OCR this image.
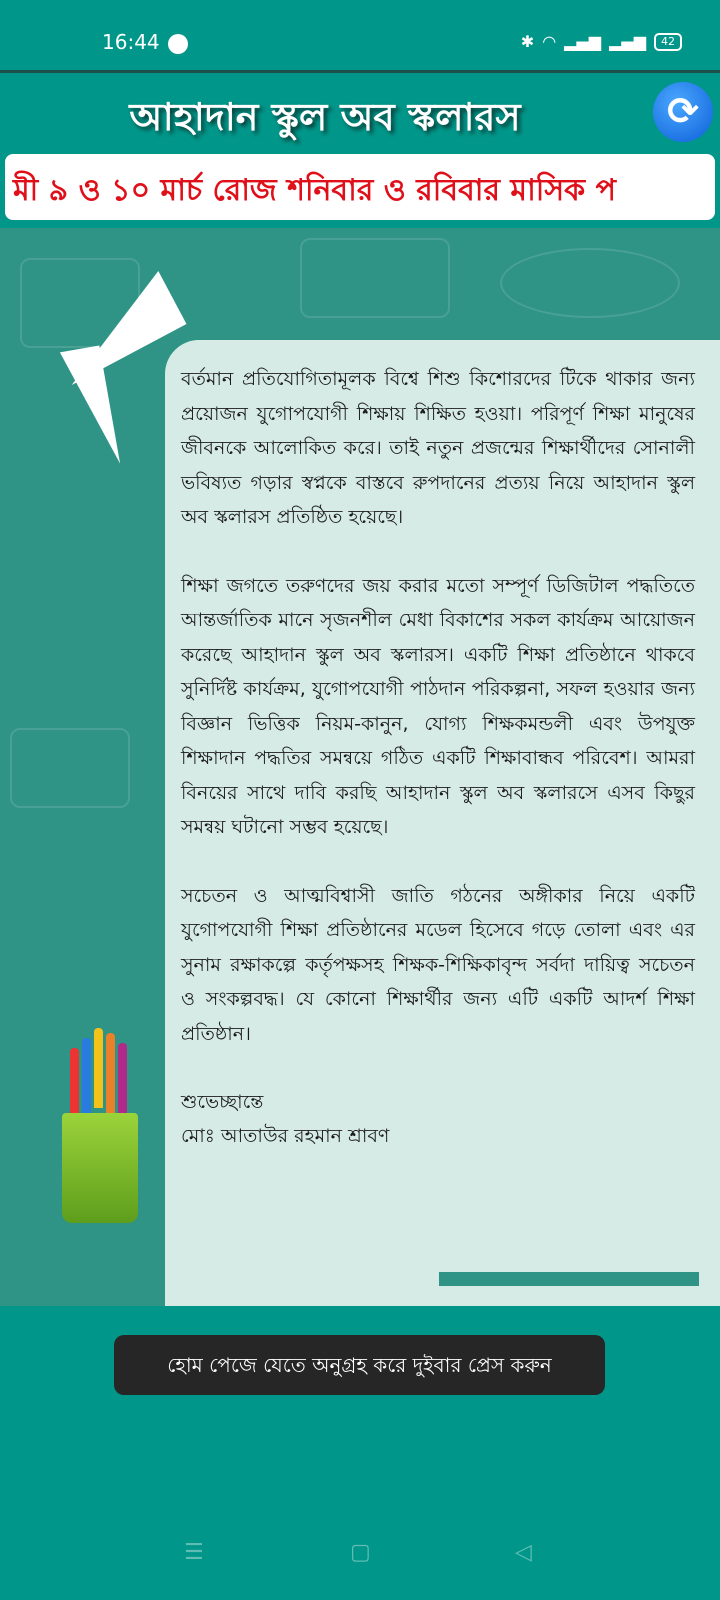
16:44	✱ ◠ ▂▄▆ ▂▄▆	42
আহাদান স্কুল অব স্কলারস	⟳
মী ৯ ও ১০ মার্চ রোজ শনিবার ও রবিবার মাসিক প

বর্তমান প্রতিযোগিতামূলক বিশ্বে শিশু কিশোরদের টিকে থাকার জন্য প্রয়োজন যুগোপযোগী শিক্ষায় শিক্ষিত হওয়া। পরিপূর্ণ শিক্ষা মানুষের জীবনকে আলোকিত করে। তাই নতুন প্রজন্মের শিক্ষার্থীদের সোনালী ভবিষ্যত গড়ার স্বপ্নকে বাস্তবে রুপদানের প্রত্যয় নিয়ে আহাদান স্কুল অব স্কলারস প্রতিষ্ঠিত হয়েছে।

শিক্ষা জগতে তরুণদের জয় করার মতো সম্পূর্ণ ডিজিটাল পদ্ধতিতে আন্তর্জাতিক মানে সৃজনশীল মেধা বিকাশের সকল কার্যক্রম আয়োজন করেছে আহাদান স্কুল অব স্কলারস। একটি শিক্ষা প্রতিষ্ঠানে থাকবে সুনির্দিষ্ট কার্যক্রম, যুগোপযোগী পাঠদান পরিকল্পনা, সফল হওয়ার জন্য বিজ্ঞান ভিত্তিক নিয়ম-কানুন, যোগ্য শিক্ষকমন্ডলী এবং উপযুক্ত শিক্ষাদান পদ্ধতির সমন্বয়ে গঠিত একটি শিক্ষাবান্ধব পরিবেশ। আমরা বিনয়ের সাথে দাবি করছি আহাদান স্কুল অব স্কলারসে এসব কিছুর সমন্বয় ঘটানো সম্ভব হয়েছে।

সচেতন ও আত্মবিশ্বাসী জাতি গঠনের অঙ্গীকার নিয়ে একটি যুগোপযোগী শিক্ষা প্রতিষ্ঠানের মডেল হিসেবে গড়ে তোলা এবং এর সুনাম রক্ষাকল্পে কর্তৃপক্ষসহ শিক্ষক-শিক্ষিকাবৃন্দ সর্বদা দায়িত্ব সচেতন ও সংকল্পবদ্ধ। যে কোনো শিক্ষার্থীর জন্য এটি একটি আদর্শ শিক্ষা প্রতিষ্ঠান।

শুভেচ্ছান্তে
মোঃ আতাউর রহমান শ্রাবণ
হোম পেজে যেতে অনুগ্রহ করে দুইবার প্রেস করুন
☰	▢	◁
